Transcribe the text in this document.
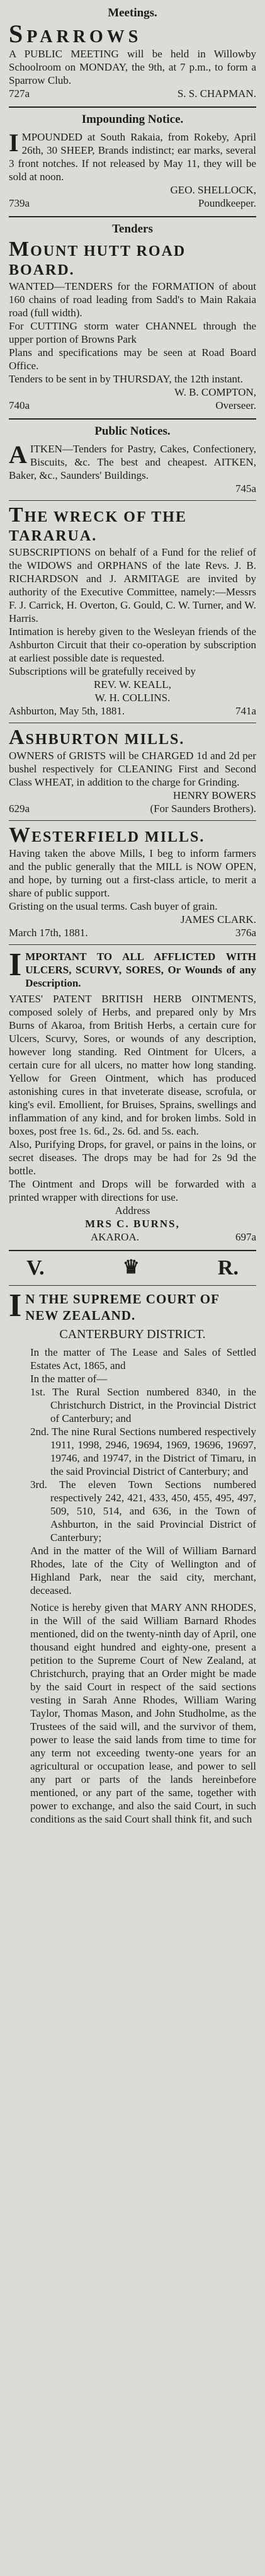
Meetings.
SPARROWS

A PUBLIC MEETING will be held in Willowby Schoolroom on MONDAY, the 9th, at 7 p.m., to form a Sparrow Club.

727a	S. S. CHAPMAN.
Impounding Notice.
I MPOUNDED at South Rakaia, from Rokeby, April 26th, 30 SHEEP, Brands indistinct; ear marks, several 3 front notches. If not released by May 11, they will be sold at noon.

GEO. SHELLOCK,
739a	Poundkeeper.
Tenders
MOUNT HUTT ROAD BOARD.

WANTED—TENDERS for the FORMATION of about 160 chains of road leading from Sadd's to Main Rakaia road (full width).

For CUTTING storm water CHANNEL through the upper portion of Browns Park

Plans and specifications may be seen at Road Board Office.

Tenders to be sent in by THURSDAY, the 12th instant.

W. B. COMPTON,
740a	Overseer.
Public Notices.
A ITKEN—Tenders for Pastry, Cakes, Confectionery, Biscuits, &c. The best and cheapest. AITKEN, Baker, &c., Saunders' Buildings.

745a
THE WRECK OF THE TARARUA.

SUBSCRIPTIONS on behalf of a Fund for the relief of the WIDOWS and ORPHANS of the late Revs. J. B. RICHARDSON and J. ARMITAGE are invited by authority of the Executive Committee, namely:—Messrs F. J. Carrick, H. Overton, G. Gould, C. W. Turner, and W. Harris.

Intimation is hereby given to the Wesleyan friends of the Ashburton Circuit that their co-operation by subscription at earliest possible date is requested.

Subscriptions will be gratefully received by

REV. W. KEALL,
W. H. COLLINS.
Ashburton, May 5th, 1881.	741a
ASHBURTON MILLS.

OWNERS of GRISTS will be CHARGED 1d and 2d per bushel respectively for CLEANING First and Second Class WHEAT, in addition to the charge for Grinding.

HENRY BOWERS
629a	(For Saunders Brothers).
WESTERFIELD MILLS.

Having taken the above Mills, I beg to inform farmers and the public generally that the MILL is NOW OPEN, and hope, by turning out a first-class article, to merit a share of public support.

Gristing on the usual terms. Cash buyer of grain.

JAMES CLARK.
March 17th, 1881.	376a
I MPORTANT TO ALL AFFLICTED WITH ULCERS, SCURVY, SORES, Or Wounds of any Description.

YATES' PATENT BRITISH HERB OINTMENTS, composed solely of Herbs, and prepared only by Mrs Burns of Akaroa, from British Herbs, a certain cure for Ulcers, Scurvy, Sores, or wounds of any description, however long standing. Red Ointment for Ulcers, a certain cure for all ulcers, no matter how long standing. Yellow for Green Ointment, which has produced astonishing cures in that inveterate disease, scrofula, or king's evil. Emollient, for Bruises, Sprains, swellings and inflammation of any kind, and for broken limbs. Sold in boxes, post free 1s. 6d., 2s. 6d. and 5s. each.

Also, Purifying Drops, for gravel, or pains in the loins, or secret diseases. The drops may be had for 2s 9d the bottle.

The Ointment and Drops will be forwarded with a printed wrapper with directions for use.

Address
MRS C. BURNS,
AKAROA.	697a
V.	♛	R.
I N THE SUPREME COURT OF NEW ZEALAND.
CANTERBURY DISTRICT.

In the matter of The Lease and Sales of Settled Estates Act, 1865, and

In the matter of—

1st. The Rural Section numbered 8340, in the Christchurch District, in the Provincial District of Canterbury; and

2nd. The nine Rural Sections numbered respectively 1911, 1998, 2946, 19694, 1969, 19696, 19697, 19746, and 19747, in the District of Timaru, in the said Provincial District of Canterbury; and

3rd. The eleven Town Sections numbered respectively 242, 421, 433, 450, 455, 495, 497, 509, 510, 514, and 636, in the Town of Ashburton, in the said Provincial District of Canterbury;

And in the matter of the Will of William Barnard Rhodes, late of the City of Wellington and of Highland Park, near the said city, merchant, deceased.

Notice is hereby given that MARY ANN RHODES, in the Will of the said William Barnard Rhodes mentioned, did on the twenty-ninth day of April, one thousand eight hundred and eighty-one, present a petition to the Supreme Court of New Zealand, at Christchurch, praying that an Order might be made by the said Court in respect of the said sections vesting in Sarah Anne Rhodes, William Waring Taylor, Thomas Mason, and John Studholme, as the Trustees of the said will, and the survivor of them, power to lease the said lands from time to time for any term not exceeding twenty-one years for an agricultural or occupation lease, and power to sell any part or parts of the lands hereinbefore mentioned, or any part of the same, together with power to exchange, and also the said Court, in such conditions as the said Court shall think fit, and such
